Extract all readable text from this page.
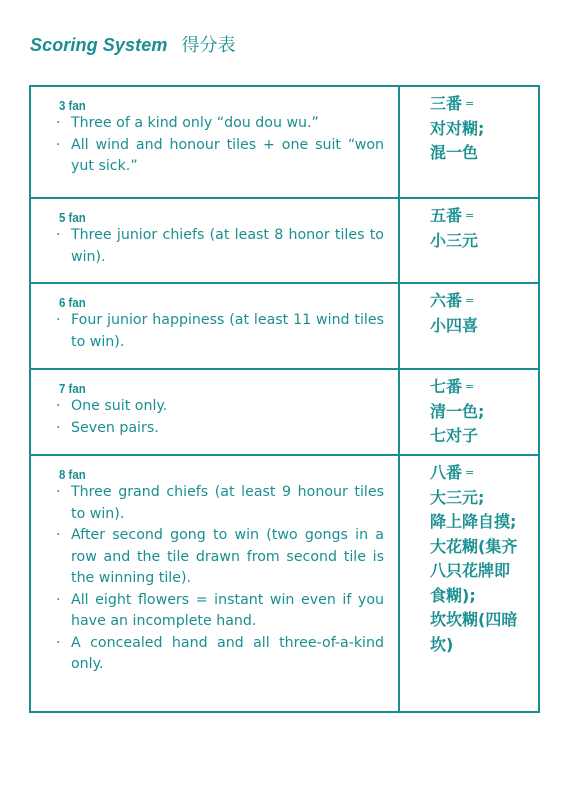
Scoring System 得分表
3 fan
· Three of a kind only “dou dou wu.”
· All wind and honour tiles + one suit “won yut sick.”
三番 =
对对糊;
混一色
5 fan
· Three junior chiefs (at least 8 honor tiles to win).
五番 =
小三元
6 fan
· Four junior happiness (at least 11 wind tiles to win).
六番 =
小四喜
7 fan
· One suit only.
· Seven pairs.
七番 =
清一色;
七对子
8 fan
· Three grand chiefs (at least 9 honour tiles to win).
· After second gong to win (two gongs in a row and the tile drawn from second tile is the winning tile).
· All eight flowers = instant win even if you have an incomplete hand.
· A concealed hand and all three-of-a-kind only.
八番 =
大三元;
降上降自摸;
大花糊(集齐
八只花牌即
食糊);
坎坎糊(四暗
坎)
